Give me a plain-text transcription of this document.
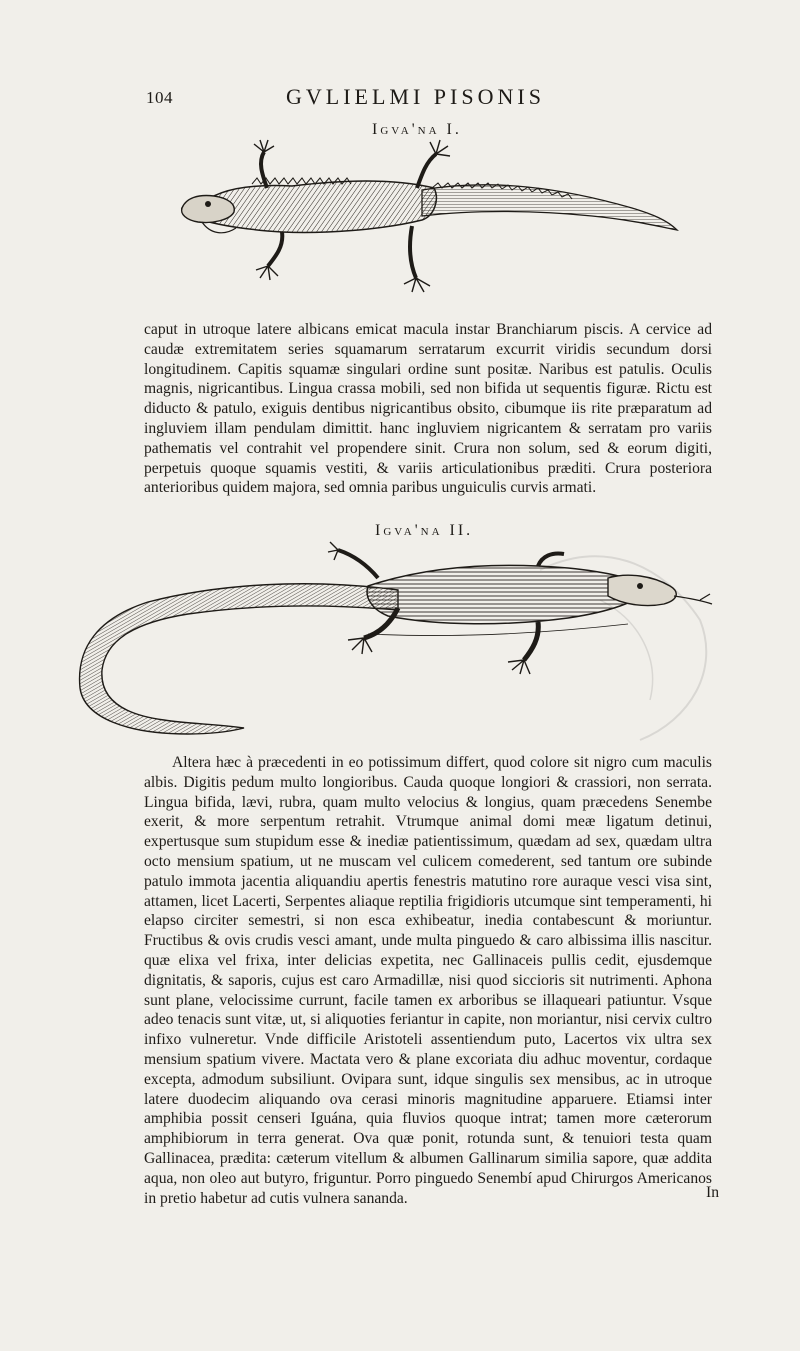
104	GVLIELMI PISONIS
Igva'na I.

caput in utroque latere albicans emicat macula instar Branchiarum piscis. A cervice ad caudæ extremitatem series squamarum serratarum excurrit viridis secundum dorsi longitudinem. Capitis squamæ singulari ordine sunt positæ. Naribus est patulis. Oculis magnis, nigricantibus. Lingua crassa mobili, sed non bifida ut sequentis figuræ. Rictu est diducto & patulo, exiguis dentibus nigricantibus obsito, cibumque iis rite præparatum ad ingluviem illam pendulam dimittit. hanc ingluviem nigricantem & serratam pro variis pathematis vel contrahit vel propendere sinit. Crura non solum, sed & eorum digiti, perpetuis quoque squamis vestiti, & variis articulationibus præditi. Crura posteriora anterioribus quidem majora, sed omnia paribus unguiculis curvis armati.

Igva'na II.

Altera hæc à præcedenti in eo potissimum differt, quod colore sit nigro cum maculis albis. Digitis pedum multo longioribus. Cauda quoque longiori & crassiori, non serrata. Lingua bifida, lævi, rubra, quam multo velocius & longius, quam præcedens Senembe exerit, & more serpentum retrahit. Vtrumque animal domi meæ ligatum detinui, expertusque sum stupidum esse & inediæ patientissimum, quædam ad sex, quædam ultra octo mensium spatium, ut ne muscam vel culicem comederent, sed tantum ore subinde patulo immota jacentia aliquandiu apertis fenestris matutino rore auraque vesci visa sint, attamen, licet Lacerti, Serpentes aliaque reptilia frigidioris utcumque sint temperamenti, hi elapso circiter semestri, si non esca exhibeatur, inedia contabescunt & moriuntur. Fructibus & ovis crudis vesci amant, unde multa pinguedo & caro albissima illis nascitur. quæ elixa vel frixa, inter delicias expetita, nec Gallinaceis pullis cedit, ejusdemque dignitatis, & saporis, cujus est caro Armadillæ, nisi quod siccioris sit nutrimenti. Aphona sunt plane, velocissime currunt, facile tamen ex arboribus se illaqueari patiuntur. Vsque adeo tenacis sunt vitæ, ut, si aliquoties feriantur in capite, non moriantur, nisi cervix cultro infixo vulneretur. Vnde difficile Aristoteli assentiendum puto, Lacertos vix ultra sex mensium spatium vivere. Mactata vero & plane excoriata diu adhuc moventur, cordaque excepta, admodum subsiliunt. Ovipara sunt, idque singulis sex mensibus, ac in utroque latere duodecim aliquando ova cerasi minoris magnitudine apparuere. Etiamsi inter amphibia possit censeri Iguána, quia fluvios quoque intrat; tamen more cæterorum amphibiorum in terra generat. Ova quæ ponit, rotunda sunt, & tenuiori testa quam Gallinacea, prædita: cæterum vitellum & albumen Gallinarum similia sapore, quæ addita aqua, non oleo aut butyro, friguntur. Porro pinguedo Senembí apud Chirurgos Americanos in pretio habetur ad cutis vulnera sananda.	In
